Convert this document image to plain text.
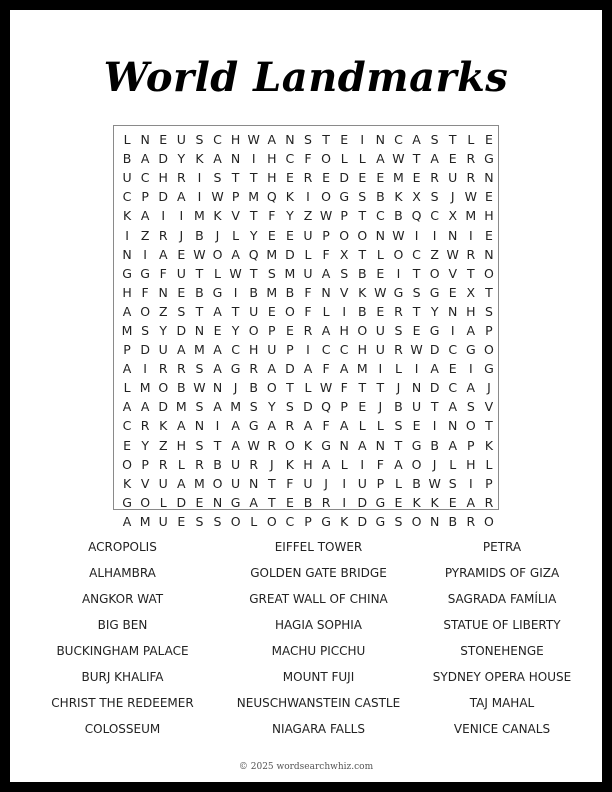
World Landmarks
L N E U S C H W A N S T E I N C A S T L E
B A D Y K A N I H C F O L L A W T A E R G
U C H R I S T T H E R E D E E M E R U R N
C P D A I W P M Q K I O G S B K X S J W E
K A I	I M K V T F Y Z W P T C B Q C X M H
I Z R J B J	L Y E E U P O O N W I	I N I E
N I A E W O A Q M D L F X T L O C Z W R N
G G F U T L W T S M U A S B E I T O V T O
H F N E B G I B M B F N V K W G S G E X T
A O Z S T A T U E O F L	I B E R T Y N H S
M S Y D N E Y O P E R A H O U S E G I A P
P D U A M A C H U P I C C H U R W D C G O
A I R R S A G R A D A F A M I	L	I A E I G
L M O B W N J B O T L W F T T J N D C A J
A A D M S A M S Y S D Q P E J B U T A S V
C R K A N I A G A R A F A L L S E I N O T
E Y Z H S T A W R O K G N A N T G B A P K
O P R L R B U R J K H A L	I	F A O J	L H L
K V U A M O U N T F U J	I U P L B W S I P
G O L D E N G A T E B R I D G E K K E A R
A M U E S S O L O C P G K D G S O N B R O
ACROPOLIS
ALHAMBRA
ANGKOR WAT
BIG BEN
BUCKINGHAM PALACE
BURJ KHALIFA
CHRIST THE REDEEMER
COLOSSEUM
EIFFEL TOWER
GOLDEN GATE BRIDGE
GREAT WALL OF CHINA
HAGIA SOPHIA
MACHU PICCHU
MOUNT FUJI
NEUSCHWANSTEIN CASTLE
NIAGARA FALLS
PETRA
PYRAMIDS OF GIZA
SAGRADA FAMÍLIA
STATUE OF LIBERTY
STONEHENGE
SYDNEY OPERA HOUSE
TAJ MAHAL
VENICE CANALS
© 2025 wordsearchwhiz.com
